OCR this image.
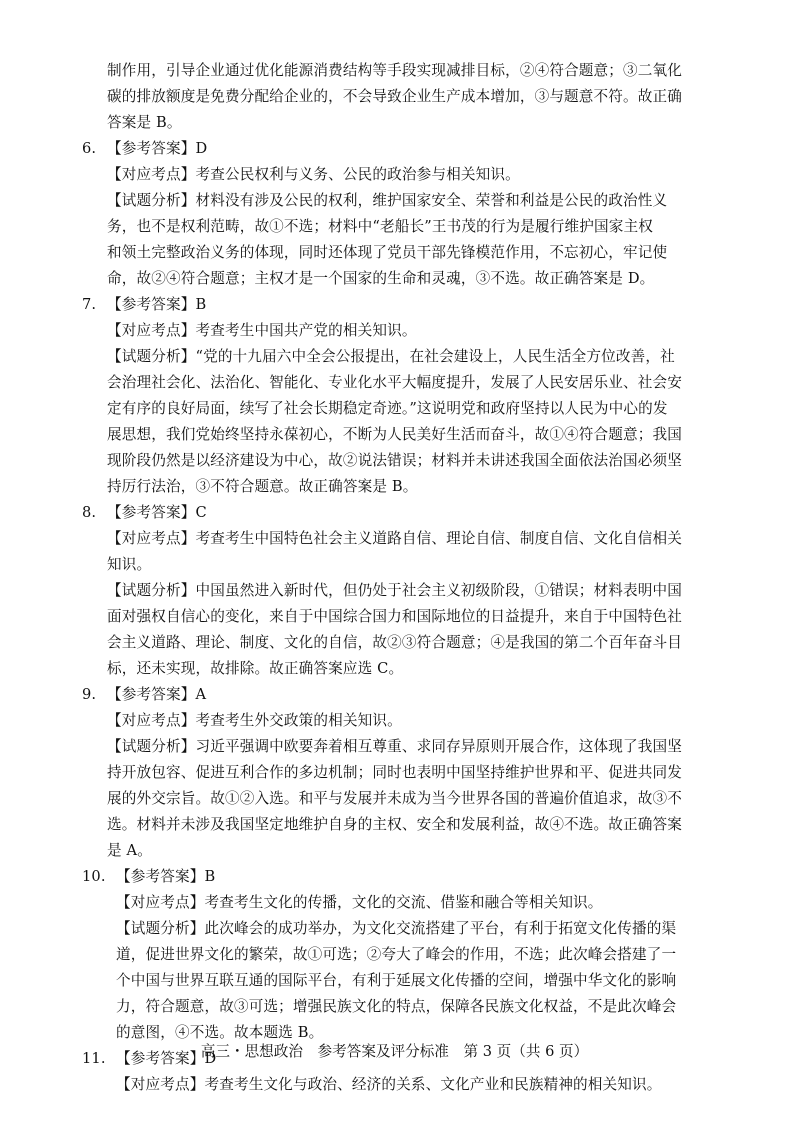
制作用，引导企业通过优化能源消费结构等手段实现减排目标，②④符合题意；③二氧化
碳的排放额度是免费分配给企业的，不会导致企业生产成本增加，③与题意不符。故正确
答案是 B。
6. 【参考答案】D
【对应考点】考查公民权利与义务、公民的政治参与相关知识。
【试题分析】材料没有涉及公民的权利，维护国家安全、荣誉和利益是公民的政治性义
务，也不是权利范畴，故①不选；材料中“老船长”王书茂的行为是履行维护国家主权
和领土完整政治义务的体现，同时还体现了党员干部先锋模范作用，不忘初心，牢记使
命，故②④符合题意；主权才是一个国家的生命和灵魂，③不选。故正确答案是 D。
7. 【参考答案】B
【对应考点】考查考生中国共产党的相关知识。
【试题分析】“党的十九届六中全会公报提出，在社会建设上，人民生活全方位改善，社
会治理社会化、法治化、智能化、专业化水平大幅度提升，发展了人民安居乐业、社会安
定有序的良好局面，续写了社会长期稳定奇迹。”这说明党和政府坚持以人民为中心的发
展思想，我们党始终坚持永葆初心，不断为人民美好生活而奋斗，故①④符合题意；我国
现阶段仍然是以经济建设为中心，故②说法错误；材料并未讲述我国全面依法治国必须坚
持厉行法治，③不符合题意。故正确答案是 B。
8. 【参考答案】C
【对应考点】考查考生中国特色社会主义道路自信、理论自信、制度自信、文化自信相关
知识。
【试题分析】中国虽然进入新时代，但仍处于社会主义初级阶段，①错误；材料表明中国
面对强权自信心的变化，来自于中国综合国力和国际地位的日益提升，来自于中国特色社
会主义道路、理论、制度、文化的自信，故②③符合题意；④是我国的第二个百年奋斗目
标，还未实现，故排除。故正确答案应选 C。
9. 【参考答案】A
【对应考点】考查考生外交政策的相关知识。
【试题分析】习近平强调中欧要奔着相互尊重、求同存异原则开展合作，这体现了我国坚
持开放包容、促进互利合作的多边机制；同时也表明中国坚持维护世界和平、促进共同发
展的外交宗旨。故①②入选。和平与发展并未成为当今世界各国的普遍价值追求，故③不
选。材料并未涉及我国坚定地维护自身的主权、安全和发展利益，故④不选。故正确答案
是 A。
10. 【参考答案】B
【对应考点】考查考生文化的传播，文化的交流、借鉴和融合等相关知识。
【试题分析】此次峰会的成功举办，为文化交流搭建了平台，有利于拓宽文化传播的渠
道，促进世界文化的繁荣，故①可选；②夸大了峰会的作用，不选；此次峰会搭建了一
个中国与世界互联互通的国际平台，有利于延展文化传播的空间，增强中华文化的影响
力，符合题意，故③可选；增强民族文化的特点，保障各民族文化权益，不是此次峰会
的意图，④不选。故本题选 B。
11. 【参考答案】D
【对应考点】考查考生文化与政治、经济的关系、文化产业和民族精神的相关知识。
高三・思想政治　参考答案及评分标准　第 3 页（共 6 页）
